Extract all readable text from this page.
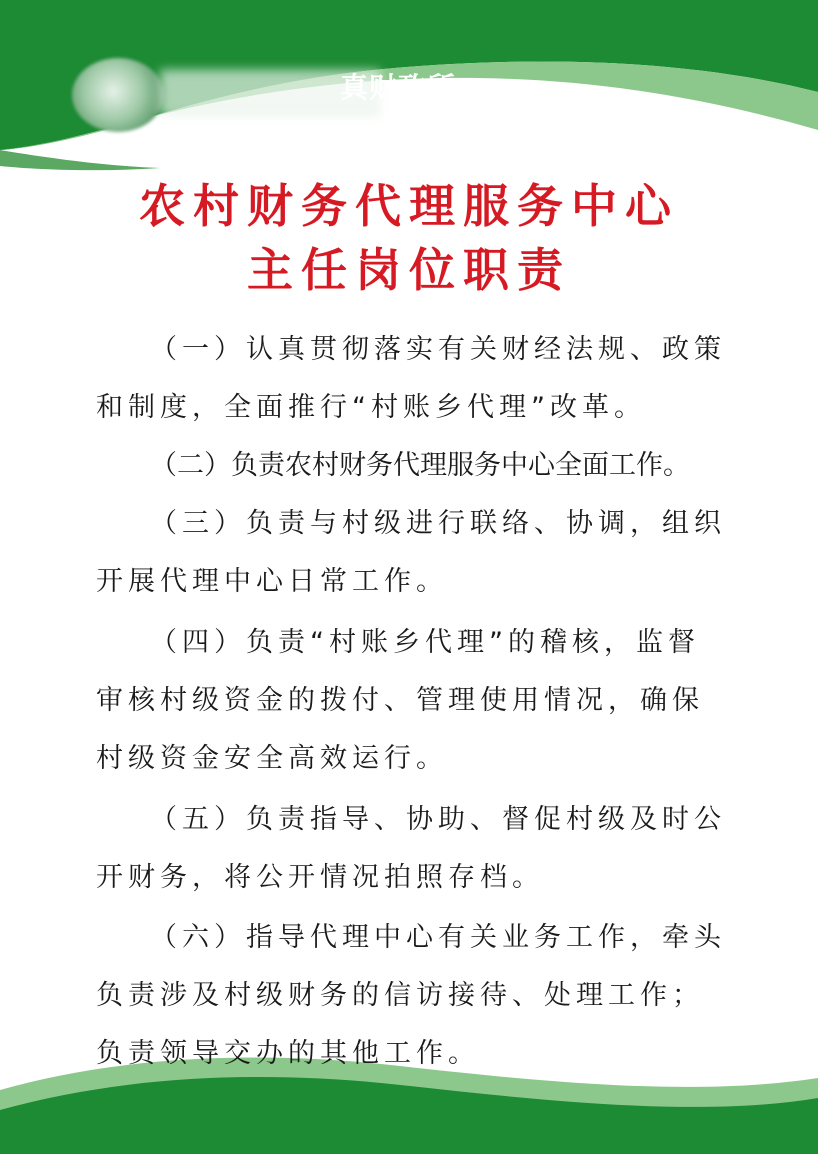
真财政所
AIZHENGSUO
农村财务代理服务中心
主任岗位职责
（一）认真贯彻落实有关财经法规、政策
和制度，全面推行“村账乡代理”改革。
（二）负责农村财务代理服务中心全面工作。
（三）负责与村级进行联络、协调，组织
开展代理中心日常工作。
（四）负责“村账乡代理”的稽核，监督
审核村级资金的拨付、管理使用情况，确保
村级资金安全高效运行。
（五）负责指导、协助、督促村级及时公
开财务，将公开情况拍照存档。
（六）指导代理中心有关业务工作，牵头
负责涉及村级财务的信访接待、处理工作；
负责领导交办的其他工作。
